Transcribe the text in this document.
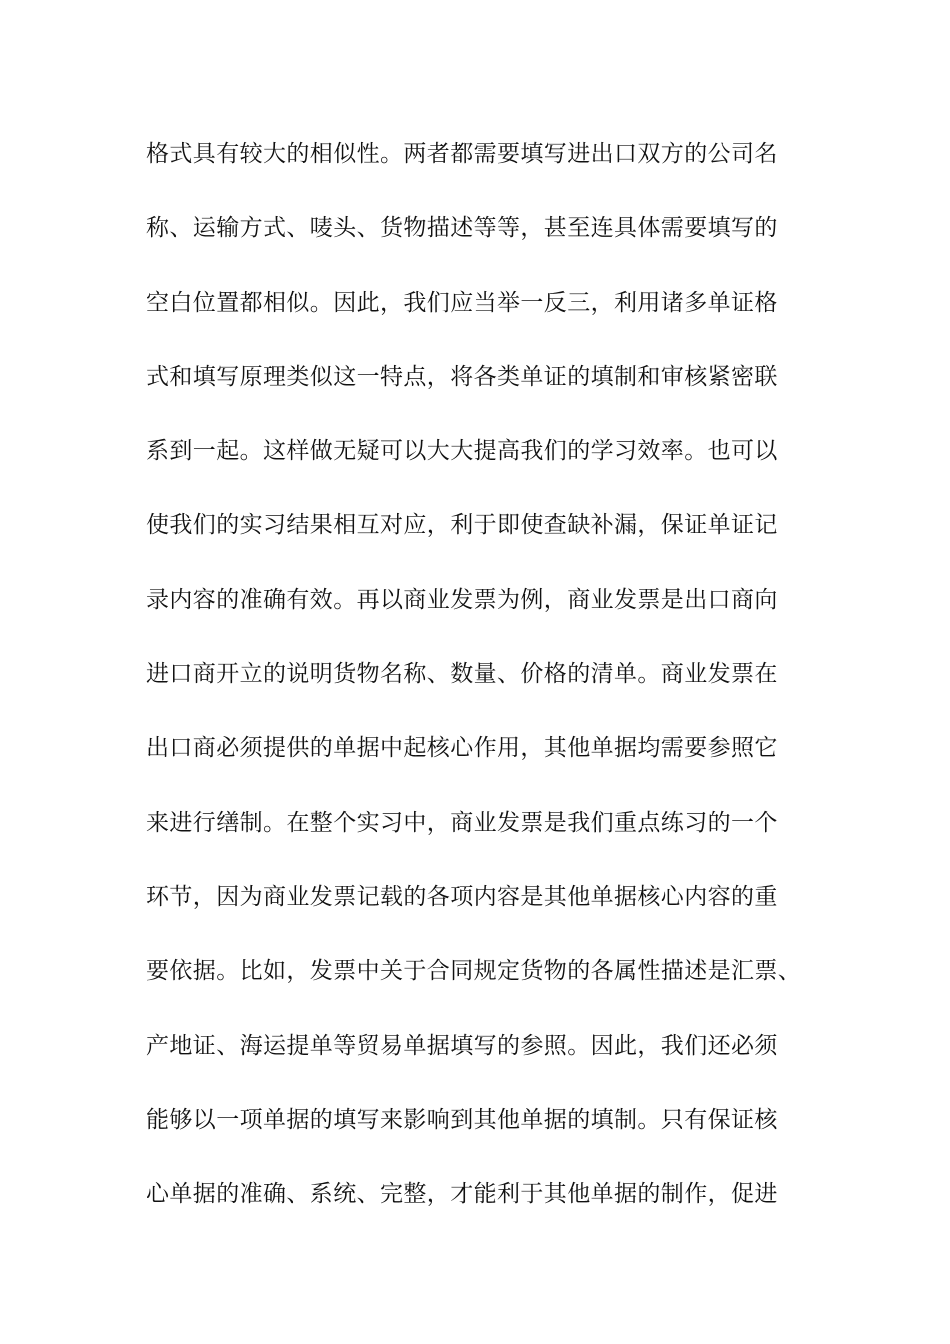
格式具有较大的相似性。两者都需要填写进出口双方的公司名
称、运输方式、唛头、货物描述等等，甚至连具体需要填写的
空白位置都相似。因此，我们应当举一反三，利用诸多单证格
式和填写原理类似这一特点，将各类单证的填制和审核紧密联
系到一起。这样做无疑可以大大提高我们的学习效率。也可以
使我们的实习结果相互对应，利于即使查缺补漏，保证单证记
录内容的准确有效。再以商业发票为例，商业发票是出口商向
进口商开立的说明货物名称、数量、价格的清单。商业发票在
出口商必须提供的单据中起核心作用，其他单据均需要参照它
来进行缮制。在整个实习中，商业发票是我们重点练习的一个
环节，因为商业发票记载的各项内容是其他单据核心内容的重
要依据。比如，发票中关于合同规定货物的各属性描述是汇票、
产地证、海运提单等贸易单据填写的参照。因此，我们还必须
能够以一项单据的填写来影响到其他单据的填制。只有保证核
心单据的准确、系统、完整，才能利于其他单据的制作，促进
